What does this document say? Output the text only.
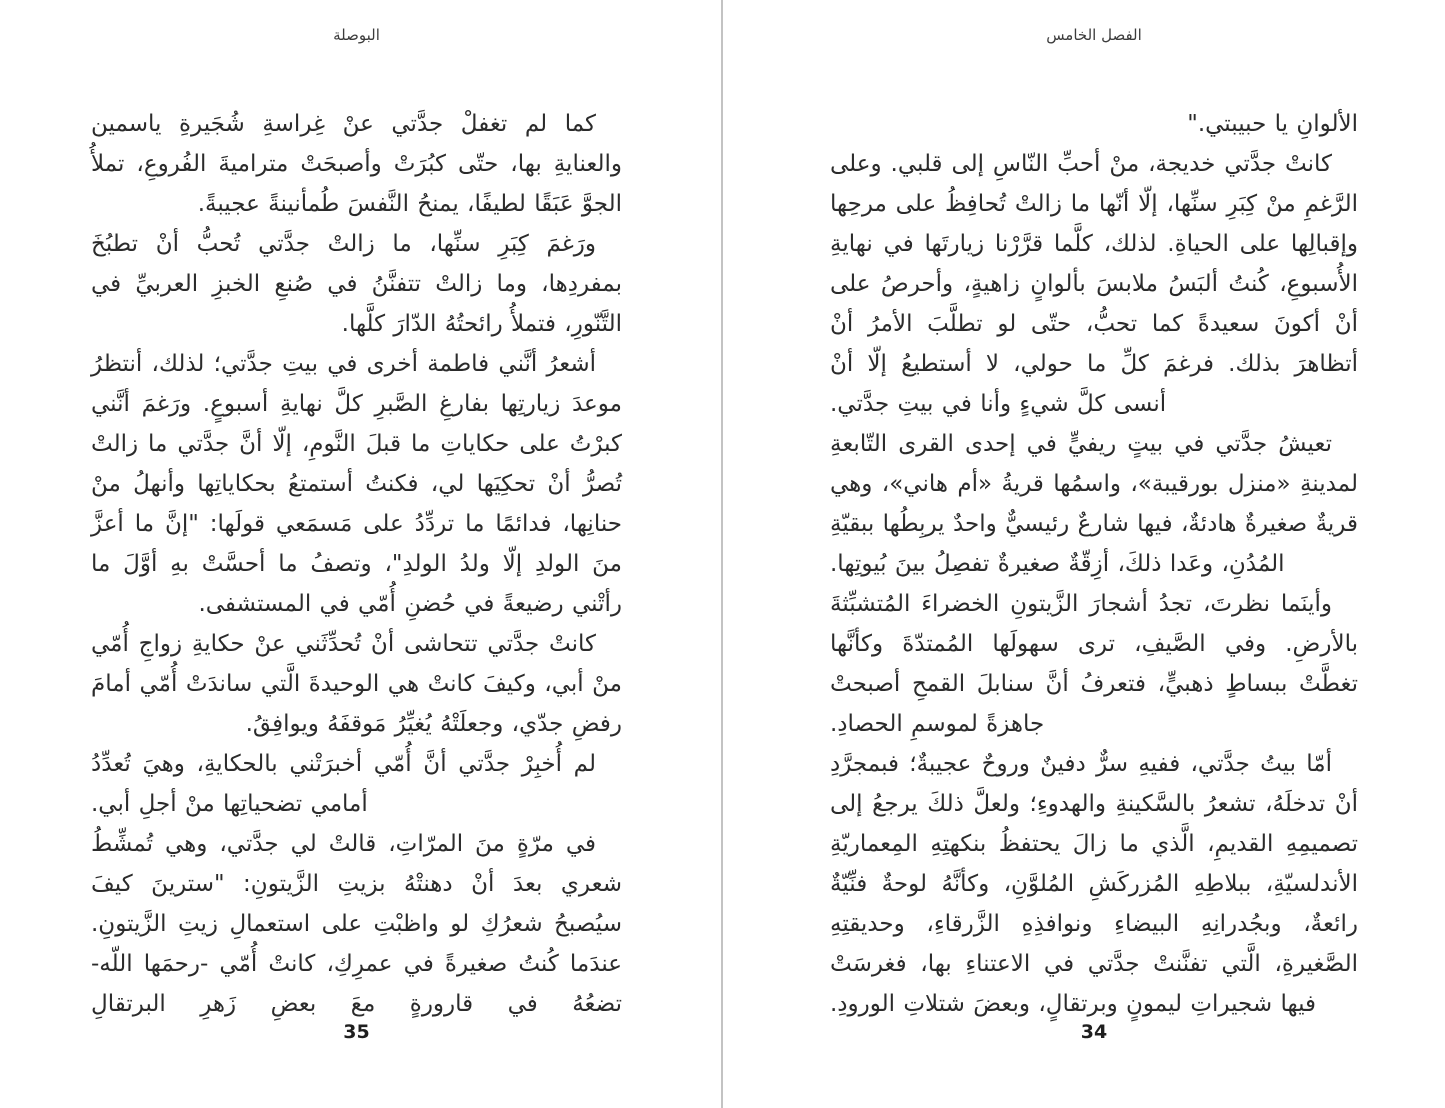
الفصل الخامس

الألوانِ يا حبيبتي."

كانتْ جدَّتي خديجة، منْ أحبِّ النّاسِ إلى قلبي. وعلى الرَّغمِ منْ كِبَرِ سنِّها، إلّا أنّها ما زالتْ تُحافِظُ على مرحِها وإقبالِها على الحياةِ. لذلك، كلَّما قرَّرْنا زيارتَها في نهايةِ الأُسبوعِ، كُنتُ ألبَسُ ملابسَ بألوانٍ زاهيةٍ، وأحرصُ على أنْ أكونَ سعيدةً كما تحبُّ، حتّى لو تطلَّبَ الأمرُ أنْ أتظاهرَ بذلك. فرغمَ كلِّ ما حولي، لا أستطيعُ إلّا أنْ أنسى كلَّ شيءٍ وأنا في بيتِ جدَّتي.

تعيشُ جدَّتي في بيتٍ ريفيٍّ في إحدى القرى التّابعةِ لمدينةِ «منزل بورقيبة»، واسمُها قريةُ «أم هاني»، وهي قريةٌ صغيرةٌ هادئةٌ، فيها شارعٌ رئيسيٌّ واحدٌ يربِطُها ببقيّةِ المُدُنِ، وعَدا ذلكَ، أزِقّةٌ صغيرةٌ تفصِلُ بينَ بُيوتِها.

وأينَما نظرتَ، تجدُ أشجارَ الزَّيتونِ الخضراءَ المُتشبِّثةَ بالأرضِ. وفي الصَّيفِ، ترى سهولَها المُمتدّةَ وكأنَّها تغطَّتْ ببساطٍ ذهبيٍّ، فتعرفُ أنَّ سنابلَ القمحِ أصبحتْ جاهزةً لموسمِ الحصادِ.

أمّا بيتُ جدَّتي، ففيهِ سرٌّ دفينٌ وروحٌ عجيبةٌ؛ فبمجرَّدِ أنْ تدخلَهُ، تشعرُ بالسَّكينةِ والهدوءِ؛ ولعلَّ ذلكَ يرجعُ إلى تصميمِهِ القديمِ، الَّذي ما زالَ يحتفظُ بنكهتِهِ المِعماريّةِ الأندلسيّةِ، ببلاطِهِ المُزركَشِ المُلوَّنِ، وكأنَّهُ لوحةٌ فنِّيّةٌ رائعةٌ، وبجُدرانِهِ البيضاءِ ونوافذِهِ الزَّرقاءِ، وحديقتِهِ الصَّغيرةِ، الَّتي تفنَّنتْ جدَّتي في الاعتناءِ بها، فغرسَتْ فيها شجيراتِ ليمونٍ وبرتقالٍ، وبعضَ شتلاتِ الورودِ.

34
البوصلة

كما لم تغفلْ جدَّتي عنْ غِراسةِ شُجَيرةِ ياسمين والعنايةِ بها، حتّى كبُرَتْ وأصبحَتْ متراميةَ الفُروعِ، تملأُ الجوَّ عَبَقًا لطيفًا، يمنحُ النَّفسَ طُمأنينةً عجيبةً.

ورَغمَ كِبَرِ سنِّها، ما زالتْ جدَّتي تُحبُّ أنْ تطبُخَ بمفردِها، وما زالتْ تتفنَّنُ في صُنعِ الخبزِ العربيِّ في التَّنّورِ، فتملأُ رائحتُهُ الدّارَ كلَّها.

أشعرُ أنَّني فاطمة أخرى في بيتِ جدَّتي؛ لذلك، أنتظرُ موعدَ زيارتِها بفارغِ الصَّبرِ كلَّ نهايةِ أسبوعٍ. ورَغمَ أنَّني كبرْتُ على حكاياتِ ما قبلَ النَّومِ، إلّا أنَّ جدَّتي ما زالتْ تُصرُّ أنْ تحكِيَها لي، فكنتُ أستمتعُ بحكاياتِها وأنهلُ منْ حنانِها، فدائمًا ما تردِّدُ على مَسمَعي قولَها: "إنَّ ما أعزَّ منَ الولدِ إلّا ولدُ الولدِ"، وتصفُ ما أحسَّتْ بهِ أوَّلَ ما رأتْني رضيعةً في حُضنِ أُمّي في المستشفى.

كانتْ جدَّتي تتحاشى أنْ تُحدِّثَني عنْ حكايةِ زواجِ أُمّي منْ أبي، وكيفَ كانتْ هي الوحيدةَ الَّتي ساندَتْ أُمّي أمامَ رفضِ جدّي، وجعلَتْهُ يُغيِّرُ مَوقفَهُ ويوافِقُ.

لم أُخبِرْ جدَّتي أنَّ أُمّي أخبرَتْني بالحكايةِ، وهيَ تُعدِّدُ أمامي تضحياتِها منْ أجلِ أبي.

في مرّةٍ منَ المرّاتِ، قالتْ لي جدَّتي، وهي تُمشِّطُ شعري بعدَ أنْ دهنتْهُ بزيتِ الزَّيتونِ: "سترينَ كيفَ سيُصبحُ شعرُكِ لو واظبْتِ على استعمالِ زيتِ الزَّيتونِ. عندَما كُنتُ صغيرةً في عمرِكِ، كانتْ أُمّي -رحمَها اللّه- تضعُهُ في قارورةٍ معَ بعضِ زَهرِ البرتقالِ

35
